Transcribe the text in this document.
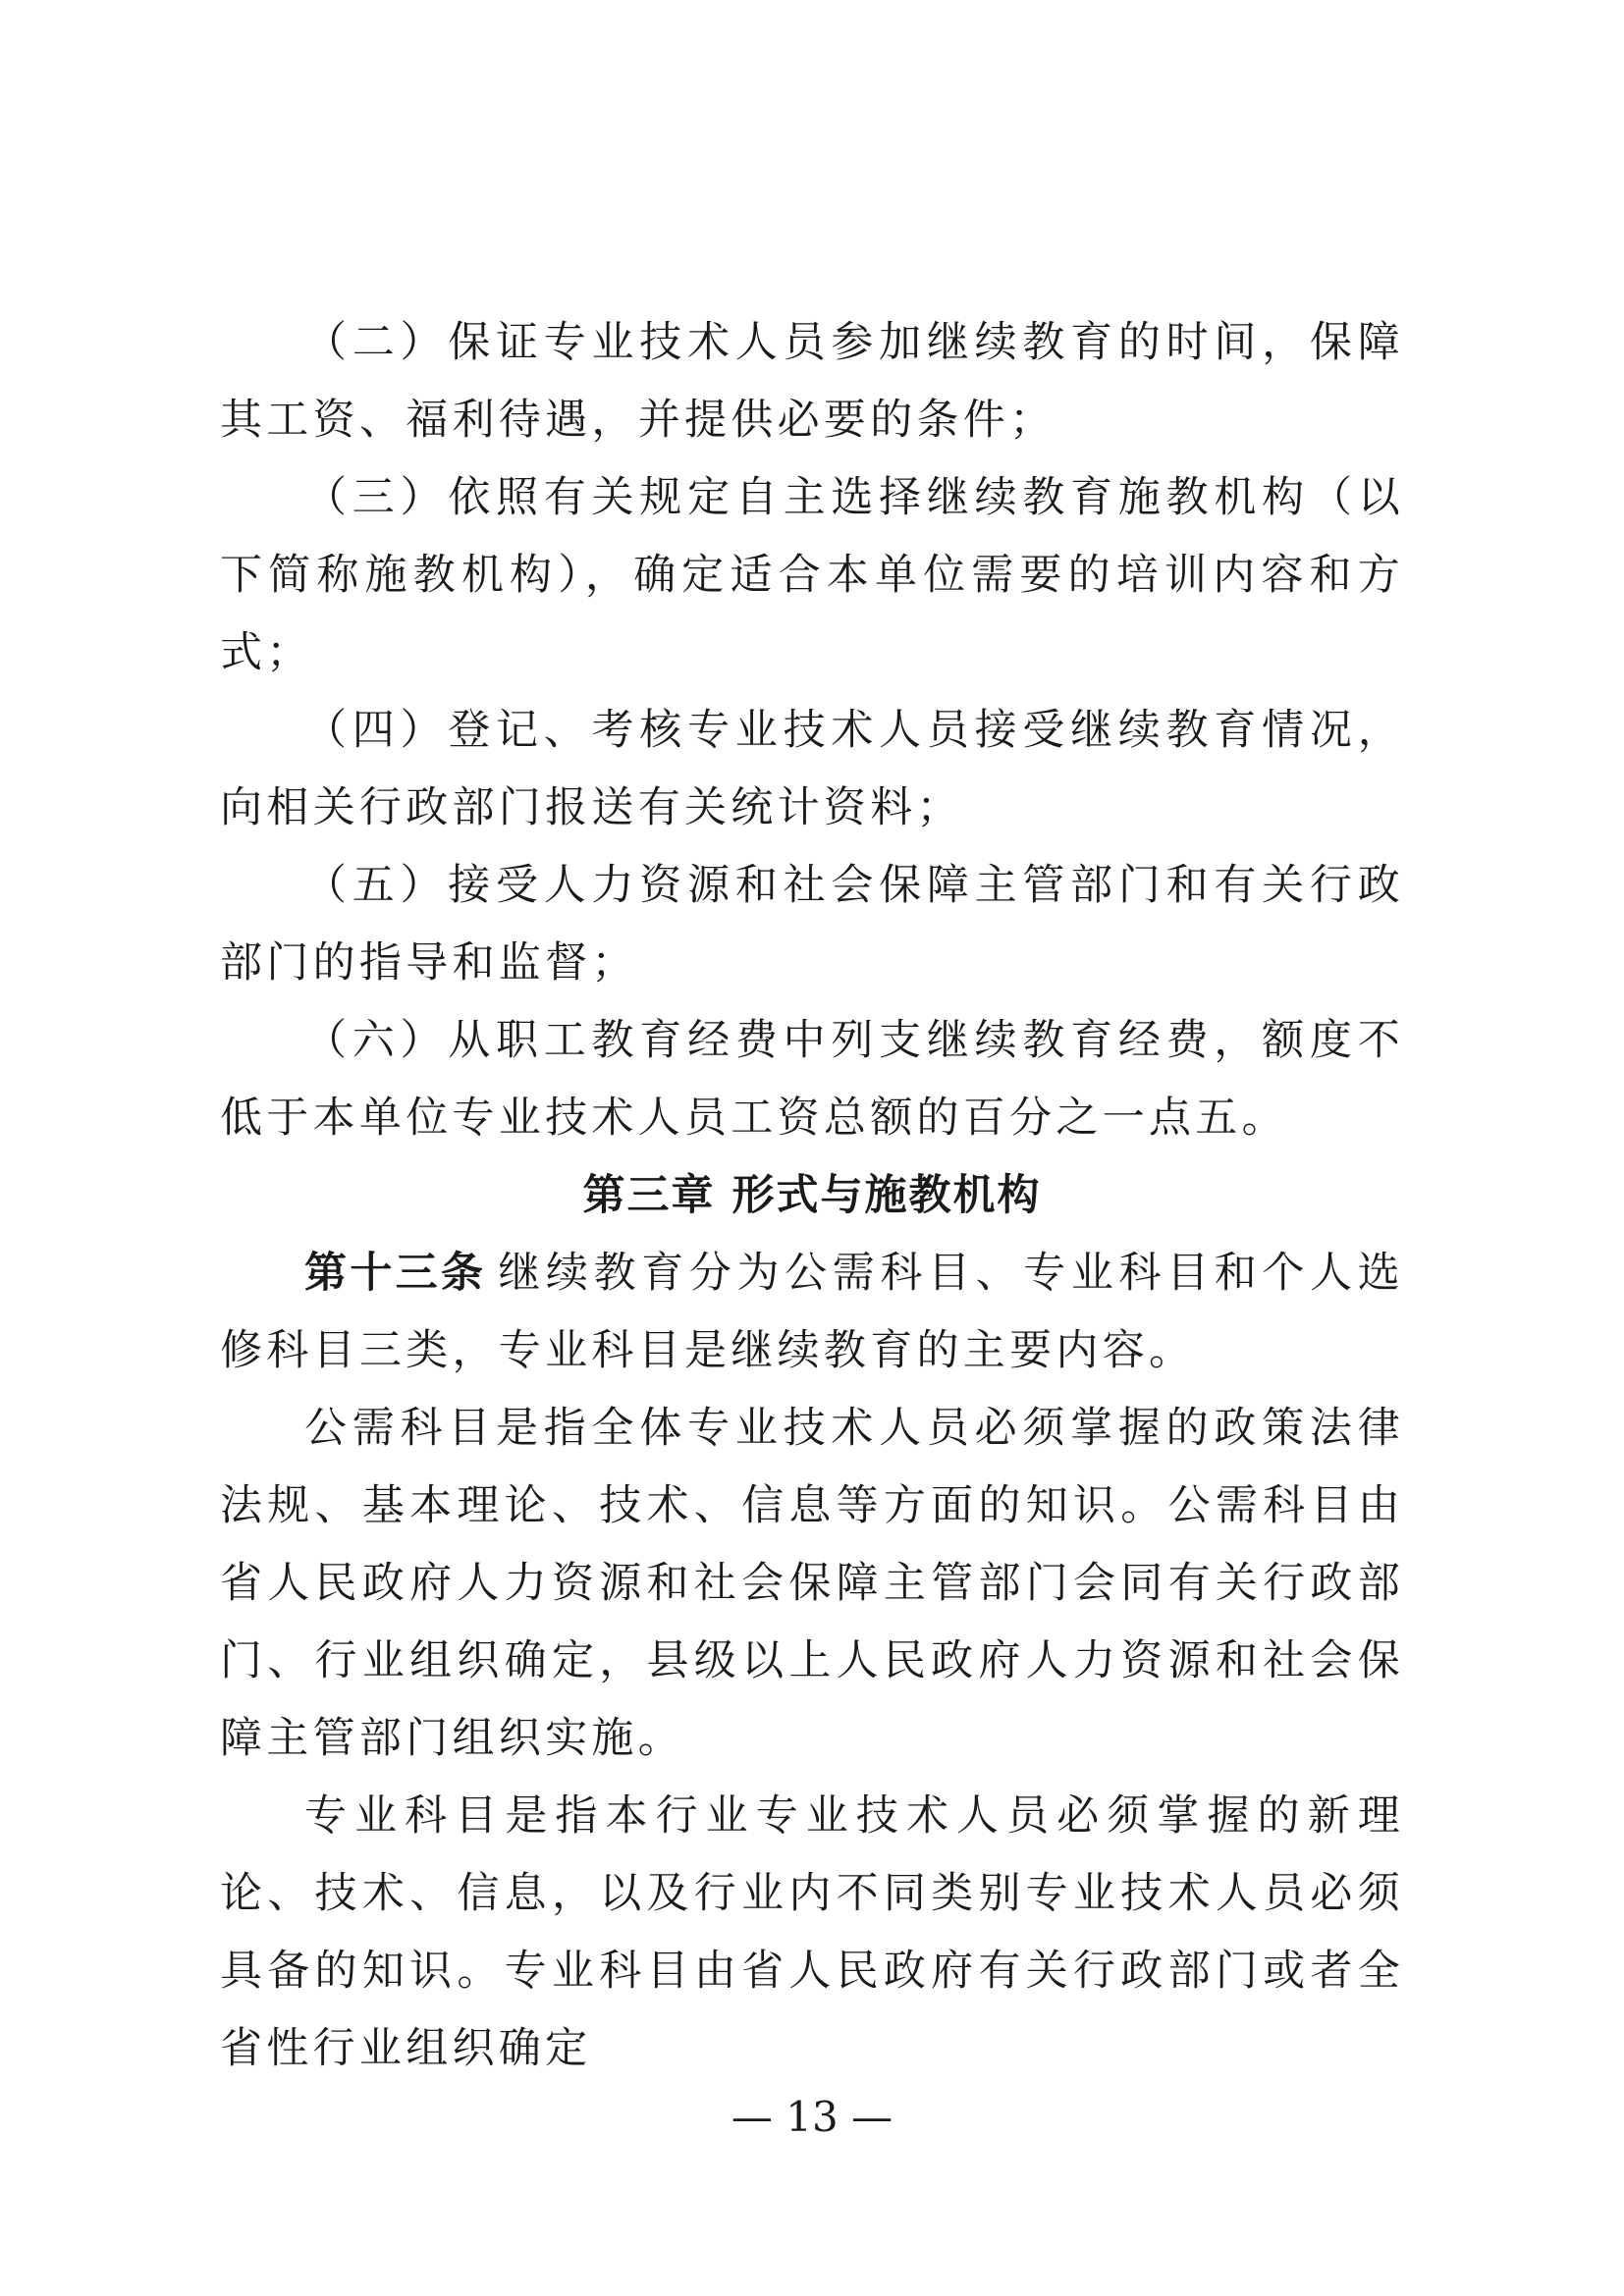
（二）保证专业技术人员参加继续教育的时间，保障其工资、福利待遇，并提供必要的条件；

（三）依照有关规定自主选择继续教育施教机构（以下简称施教机构），确定适合本单位需要的培训内容和方式；

（四）登记、考核专业技术人员接受继续教育情况，向相关行政部门报送有关统计资料；

（五）接受人力资源和社会保障主管部门和有关行政部门的指导和监督；

（六）从职工教育经费中列支继续教育经费，额度不低于本单位专业技术人员工资总额的百分之一点五。

第三章 形式与施教机构

第十三条 继续教育分为公需科目、专业科目和个人选修科目三类，专业科目是继续教育的主要内容。

公需科目是指全体专业技术人员必须掌握的政策法律法规、基本理论、技术、信息等方面的知识。公需科目由省人民政府人力资源和社会保障主管部门会同有关行政部门、行业组织确定，县级以上人民政府人力资源和社会保障主管部门组织实施。

专业科目是指本行业专业技术人员必须掌握的新理论、技术、信息，以及行业内不同类别专业技术人员必须具备的知识。专业科目由省人民政府有关行政部门或者全省性行业组织确定

— 13 —
